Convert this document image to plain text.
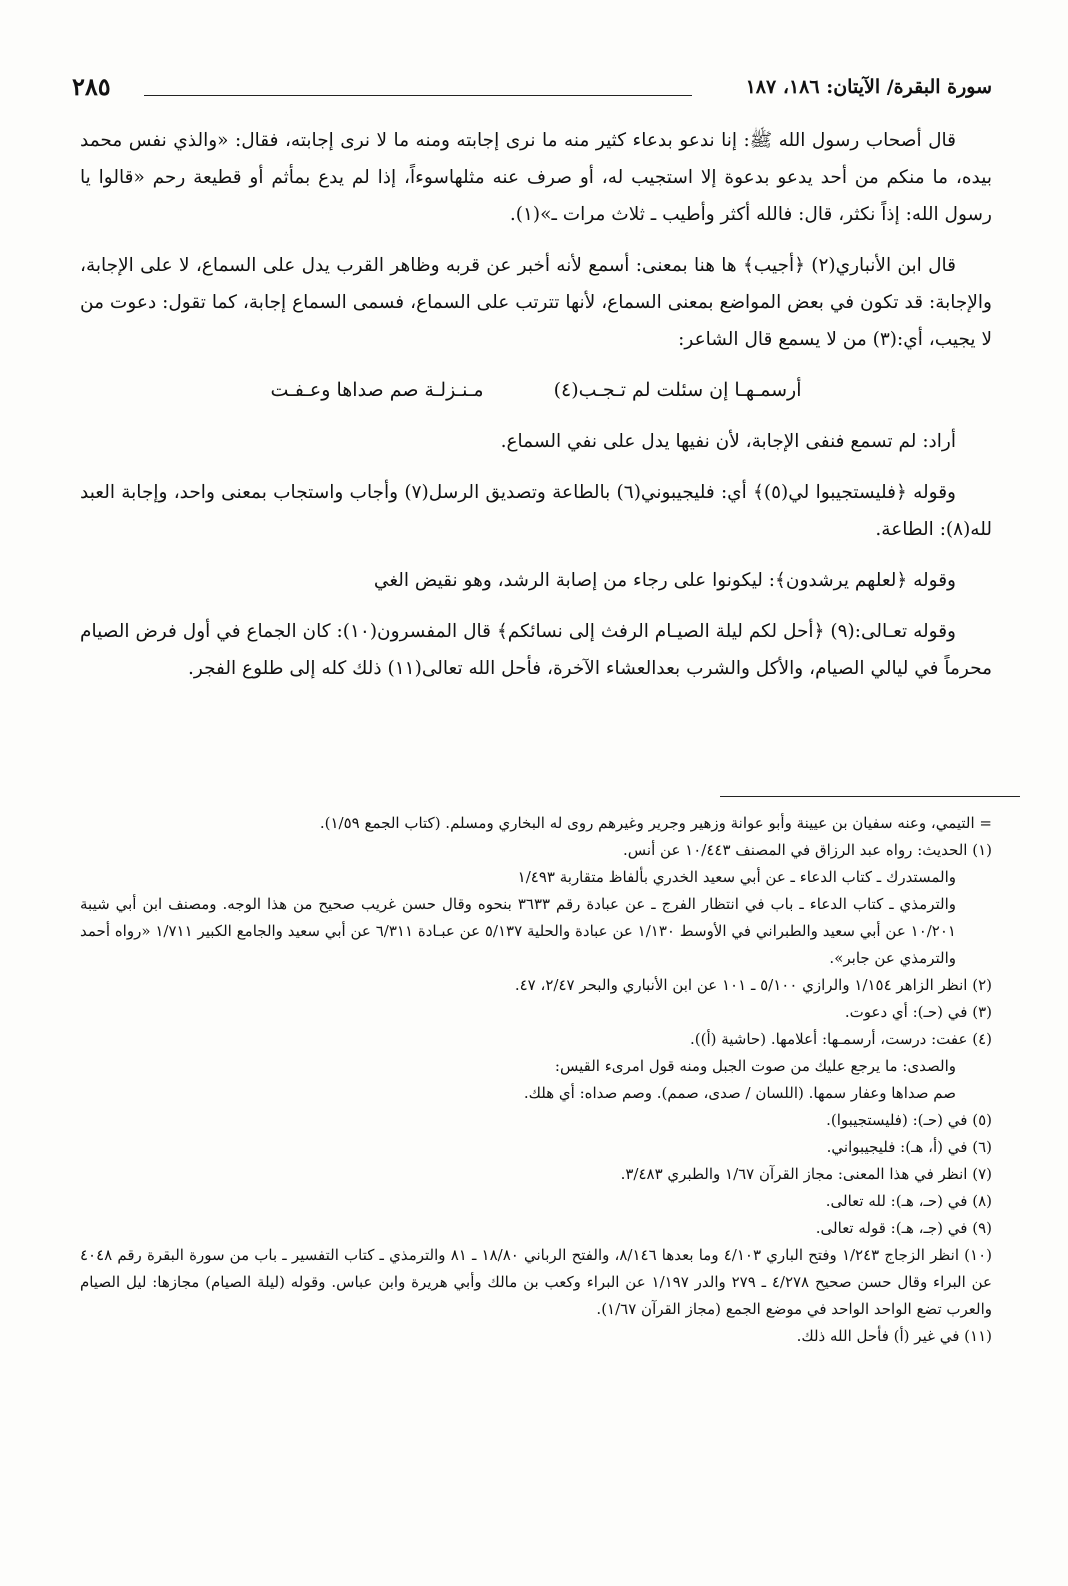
سورة البقرة/ الآيتان: ١٨٦، ١٨٧
٢٨٥

قال أصحاب رسول الله ﷺ: إنا ندعو بدعاء كثير منه ما نرى إجابته ومنه ما لا نرى إجابته، فقال: «والذي نفس محمد بيده، ما منكم من أحد يدعو بدعوة إلا استجيب له، أو صرف عنه مثلهاسوءاً، إذا لم يدع بمأثم أو قطيعة رحم «قالوا يا رسول الله: إذاً نكثر، قال: فالله أكثر وأطيب ـ ثلاث مرات ـ»(١).

قال ابن الأنباري(٢) ﴿أجيب﴾ ها هنا بمعنى: أسمع لأنه أخبر عن قربه وظاهر القرب يدل على السماع، لا على الإجابة، والإجابة: قد تكون في بعض المواضع بمعنى السماع، لأنها تترتب على السماع، فسمى السماع إجابة، كما تقول: دعوت من لا يجيب، أي:(٣) من لا يسمع قال الشاعر:

أرسمـهـا إن سئلت لم تـجـب(٤)
مـنـزلـة صم صداها وعـفـت

أراد: لم تسمع فنفى الإجابة، لأن نفيها يدل على نفي السماع.

وقوله ﴿فليستجيبوا لي(٥)﴾ أي: فليجيبوني(٦) بالطاعة وتصديق الرسل(٧) وأجاب واستجاب بمعنى واحد، وإجابة العبد لله(٨): الطاعة.

وقوله ﴿لعلهم يرشدون﴾: ليكونوا على رجاء من إصابة الرشد، وهو نقيض الغي

وقوله تعـالى:(٩) ﴿أحل لكم ليلة الصيـام الرفث إلى نسائكم﴾ قال المفسرون(١٠): كان الجماع في أول فرض الصيام محرماً في ليالي الصيام، والأكل والشرب بعدالعشاء الآخرة، فأحل الله تعالى(١١) ذلك كله إلى طلوع الفجر.

= التيمي، وعنه سفيان بن عيينة وأبو عوانة وزهير وجرير وغيرهم روى له البخاري ومسلم. (كتاب الجمع ١/٥٩).

(١) الحديث: رواه عبد الرزاق في المصنف ١٠/٤٤٣ عن أنس.

والمستدرك ـ كتاب الدعاء ـ عن أبي سعيد الخدري بألفاظ متقاربة ١/٤٩٣

والترمذي ـ كتاب الدعاء ـ باب في انتظار الفرج ـ عن عبادة رقم ٣٦٣٣ بنحوه وقال حسن غريب صحيح من هذا الوجه. ومصنف ابن أبي شيبة ١٠/٢٠١ عن أبي سعيد والطبراني في الأوسط ١/١٣٠ عن عبادة والحلية ٥/١٣٧ عن عبـادة ٦/٣١١ عن أبي سعيد والجامع الكبير ١/٧١١ «رواه أحمد والترمذي عن جابر».

(٢) انظر الزاهر ١/١٥٤ والرازي ٥/١٠٠ ـ ١٠١ عن ابن الأنباري والبحر ٢/٤٧، ٤٧.

(٣) في (حـ): أي دعوت.

(٤) عفت: درست، أرسمـها: أعلامها. (حاشية (أ)).

والصدى: ما يرجع عليك من صوت الجبل ومنه قول امرىء القيس:

صم صداها وعفار سمها. (اللسان / صدى، صمم). وصم صداه: أي هلك.

(٥) في (حـ): (فليستجيبوا).

(٦) في (أ، هـ): فليجيبواني.

(٧) انظر في هذا المعنى: مجاز القرآن ١/٦٧ والطبري ٣/٤٨٣.

(٨) في (حـ، هـ): لله تعالى.

(٩) في (جـ، هـ): قوله تعالى.

(١٠) انظر الزجاج ١/٢٤٣ وفتح الباري ٤/١٠٣ وما بعدها ٨/١٤٦، والفتح الرباني ١٨/٨٠ ـ ٨١ والترمذي ـ كتاب التفسير ـ باب من سورة البقرة رقم ٤٠٤٨ عن البراء وقال حسن صحيح ٤/٢٧٨ ـ ٢٧٩ والدر ١/١٩٧ عن البراء وكعب بن مالك وأبي هريرة وابن عباس. وقوله (ليلة الصيام) مجازها: ليل الصيام والعرب تضع الواحد الواحد في موضع الجمع (مجاز القرآن ١/٦٧).

(١١) في غير (أ) فأحل الله ذلك.
